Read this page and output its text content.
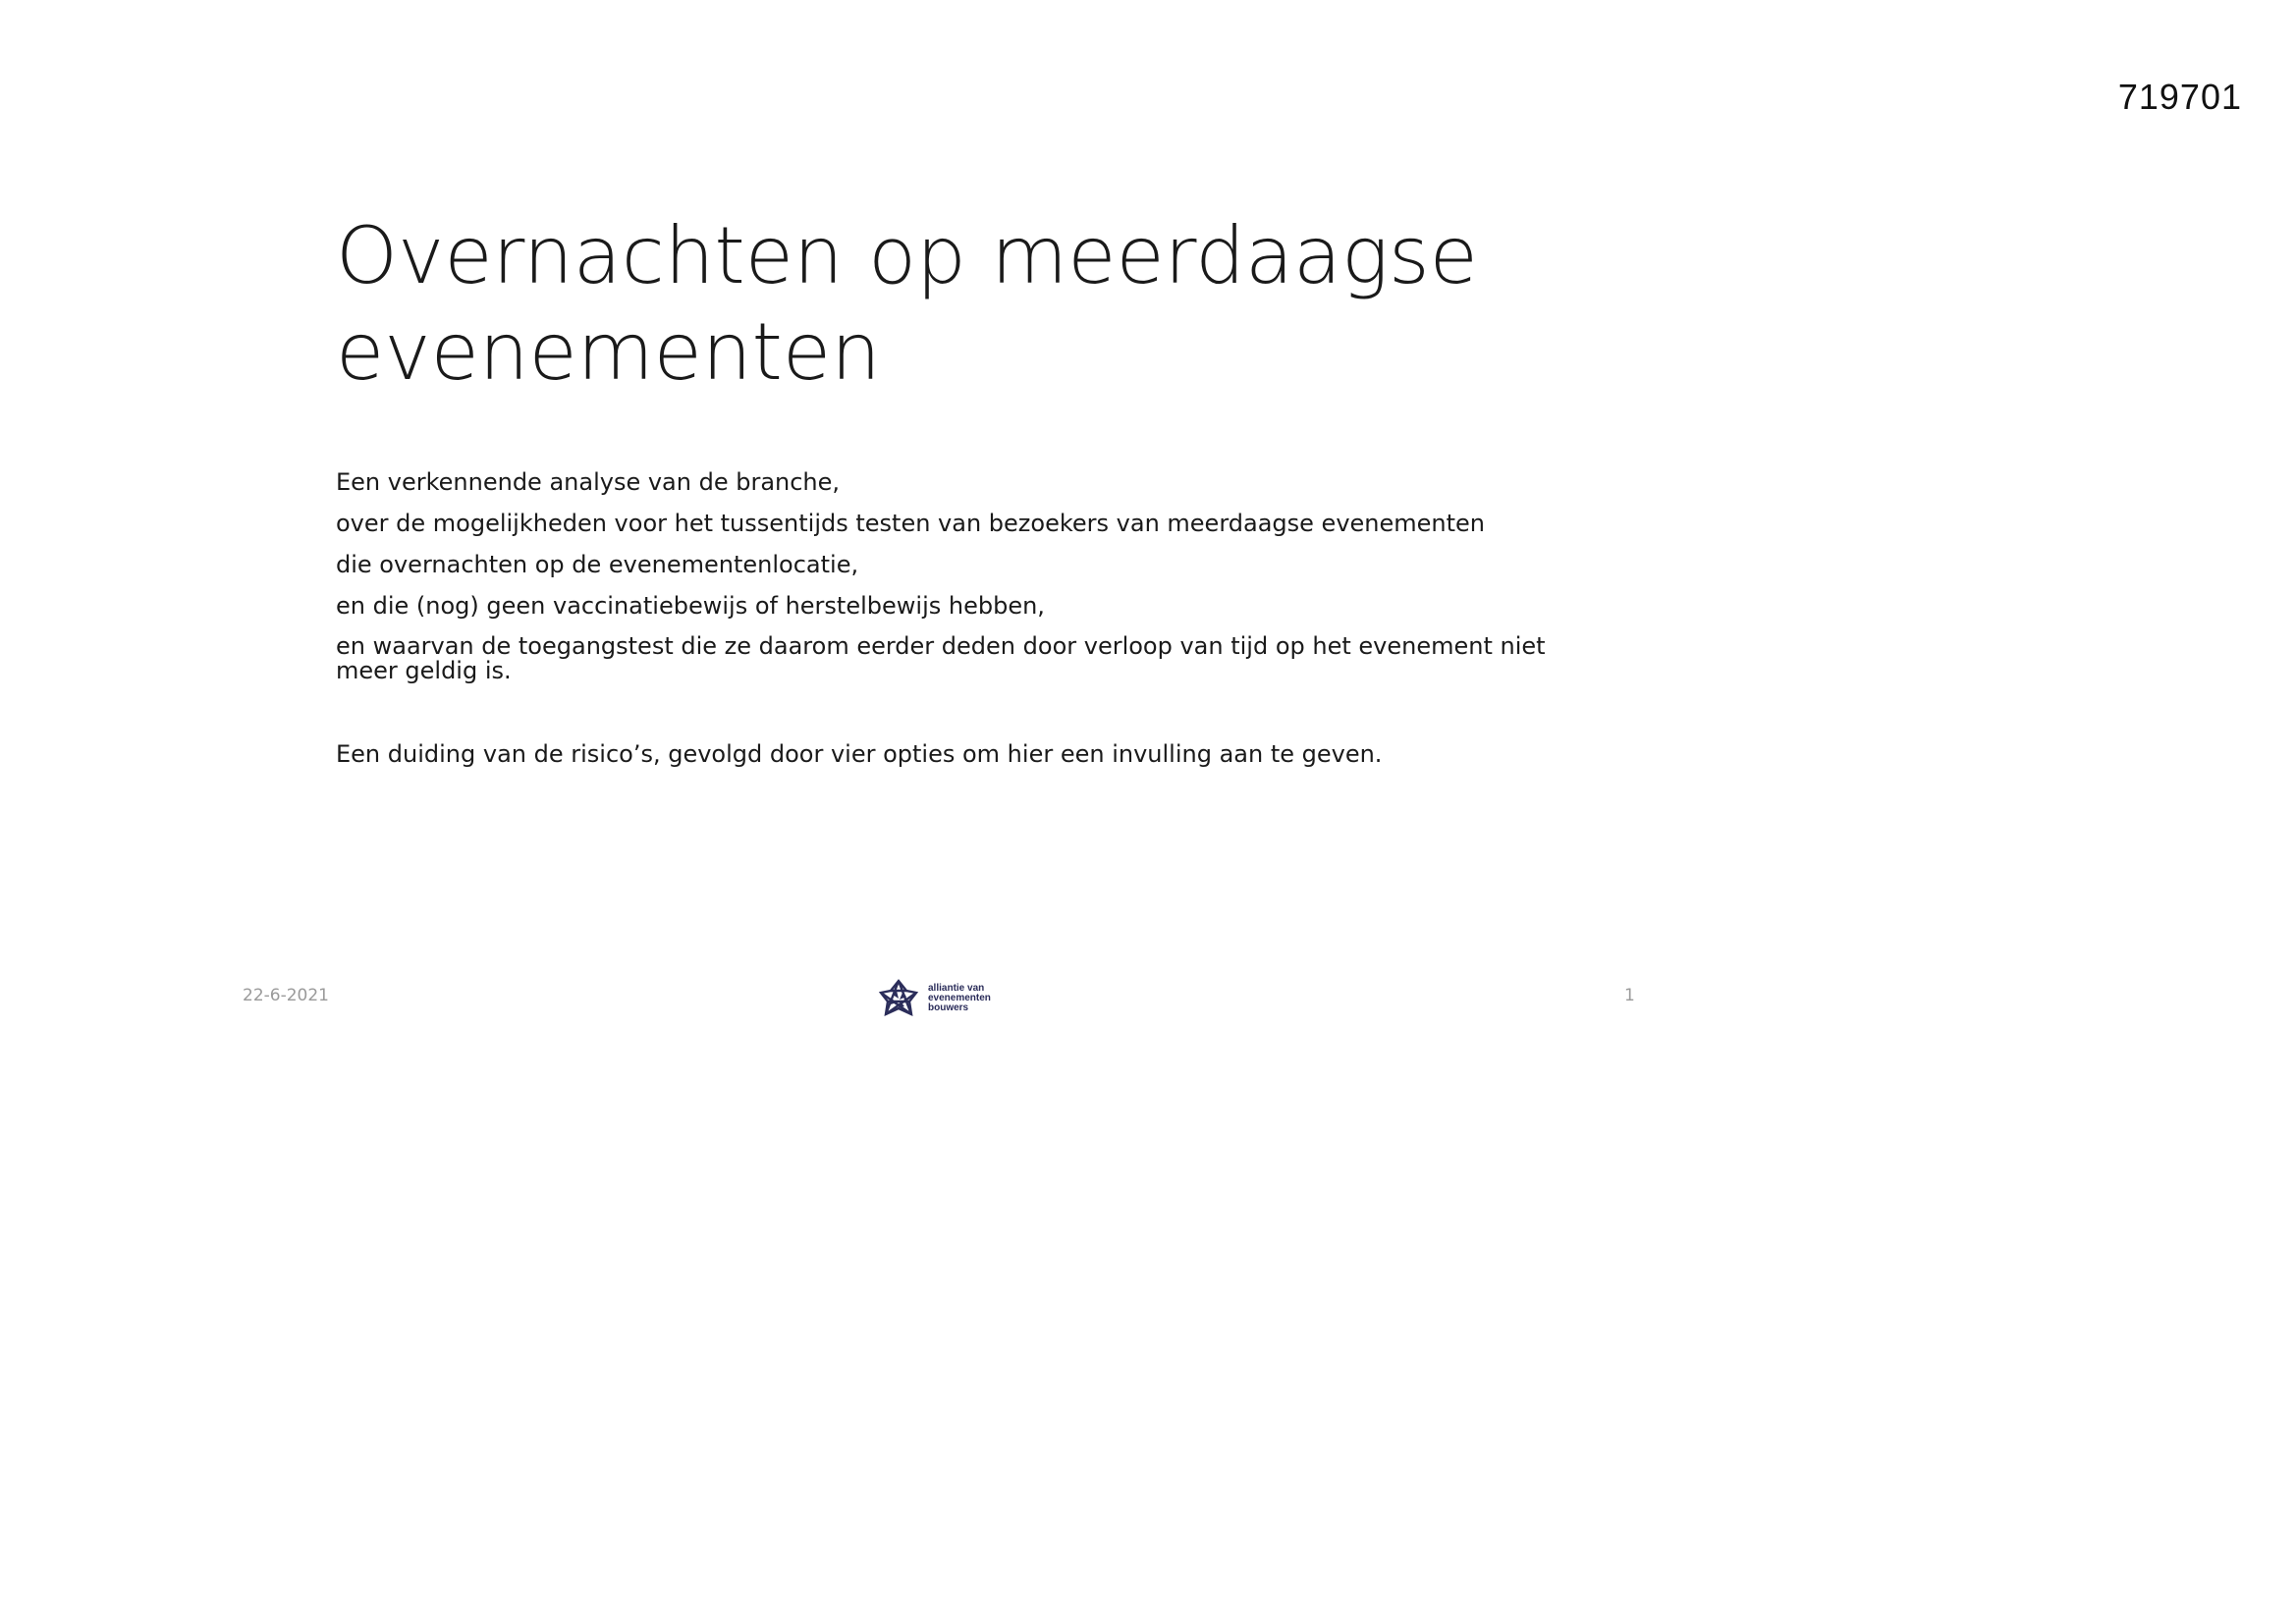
719701
Overnachten op meerdaagse
evenementen
Een verkennende analyse van de branche,
over de mogelijkheden voor het tussentijds testen van bezoekers van meerdaagse evenementen
die overnachten op de evenementenlocatie,
en die (nog) geen vaccinatiebewijs of herstelbewijs hebben,
en waarvan de toegangstest die ze daarom eerder deden door verloop van tijd op het evenement niet
meer geldig is.
Een duiding van de risico’s, gevolgd door vier opties om hier een invulling aan te geven.
22-6-2021	alliantie van
evenementen
bouwers
1
